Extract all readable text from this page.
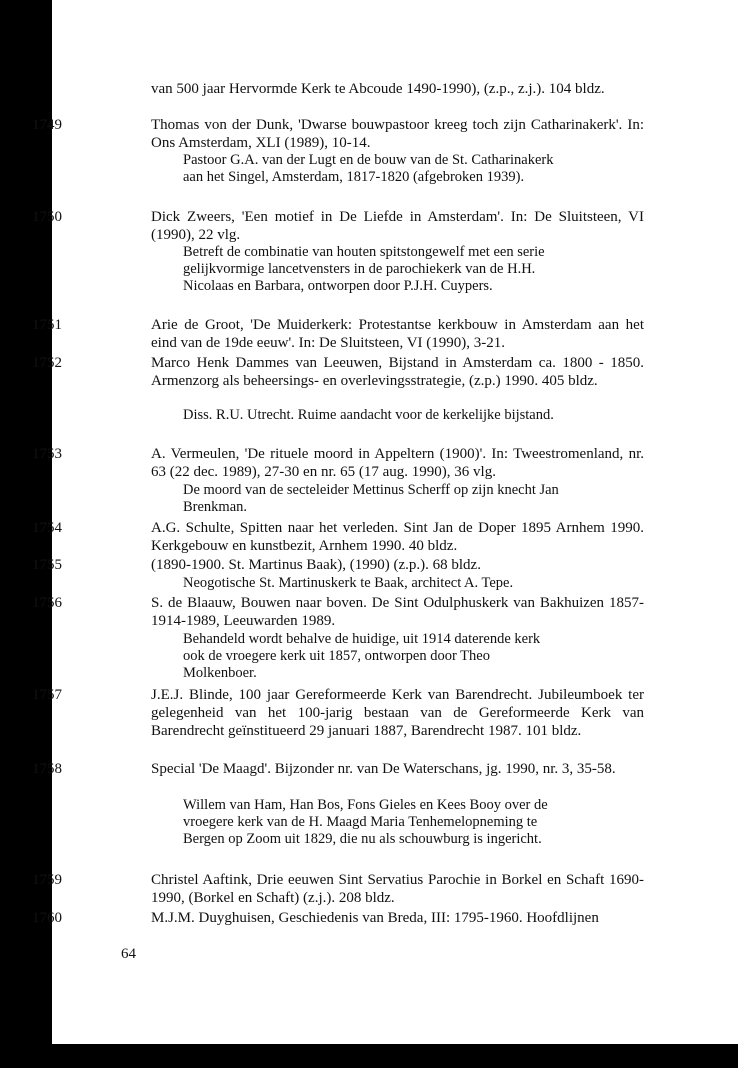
van 500 jaar Hervormde Kerk te Abcoude 1490-1990), (z.p., z.j.). 104 bldz.
1749	Thomas von der Dunk, 'Dwarse bouwpastoor kreeg toch zijn Catharinakerk'. In: Ons Amsterdam, XLI (1989), 10-14.
Pastoor G.A. van der Lugt en de bouw van de St. Catharinakerk aan het Singel, Amsterdam, 1817-1820 (afgebroken 1939).
1750	Dick Zweers, 'Een motief in De Liefde in Amsterdam'. In: De Sluitsteen, VI (1990), 22 vlg.
Betreft de combinatie van houten spitstongewelf met een serie gelijkvormige lancetvensters in de parochiekerk van de H.H. Nicolaas en Barbara, ontworpen door P.J.H. Cuypers.
1751	Arie de Groot, 'De Muiderkerk: Protestantse kerkbouw in Amsterdam aan het eind van de 19de eeuw'. In: De Sluitsteen, VI (1990), 3-21.
1752	Marco Henk Dammes van Leeuwen, Bijstand in Amsterdam ca. 1800 - 1850. Armenzorg als beheersings- en overlevingsstrategie, (z.p.) 1990. 405 bldz.
Diss. R.U. Utrecht. Ruime aandacht voor de kerkelijke bijstand.
1753	A. Vermeulen, 'De rituele moord in Appeltern (1900)'. In: Tweestromenland, nr. 63 (22 dec. 1989), 27-30 en nr. 65 (17 aug. 1990), 36 vlg.
De moord van de secteleider Mettinus Scherff op zijn knecht Jan Brenkman.
1754	A.G. Schulte, Spitten naar het verleden. Sint Jan de Doper 1895 Arnhem 1990. Kerkgebouw en kunstbezit, Arnhem 1990. 40 bldz.
1755	(1890-1900. St. Martinus Baak), (1990) (z.p.). 68 bldz.
Neogotische St. Martinuskerk te Baak, architect A. Tepe.
1756	S. de Blaauw, Bouwen naar boven. De Sint Odulphuskerk van Bakhuizen 1857-1914-1989, Leeuwarden 1989.
Behandeld wordt behalve de huidige, uit 1914 daterende kerk ook de vroegere kerk uit 1857, ontworpen door Theo Molkenboer.
1757	J.E.J. Blinde, 100 jaar Gereformeerde Kerk van Barendrecht. Jubileumboek ter gelegenheid van het 100-jarig bestaan van de Gereformeerde Kerk van Barendrecht geïnstitueerd 29 januari 1887, Barendrecht 1987. 101 bldz.
1758	Special 'De Maagd'. Bijzonder nr. van De Waterschans, jg. 1990, nr. 3, 35-58.
Willem van Ham, Han Bos, Fons Gieles en Kees Booy over de vroegere kerk van de H. Maagd Maria Tenhemelopneming te Bergen op Zoom uit 1829, die nu als schouwburg is ingericht.
1759	Christel Aaftink, Drie eeuwen Sint Servatius Parochie in Borkel en Schaft 1690-1990, (Borkel en Schaft) (z.j.). 208 bldz.
1760	M.J.M. Duyghuisen, Geschiedenis van Breda, III: 1795-1960. Hoofdlijnen
64
